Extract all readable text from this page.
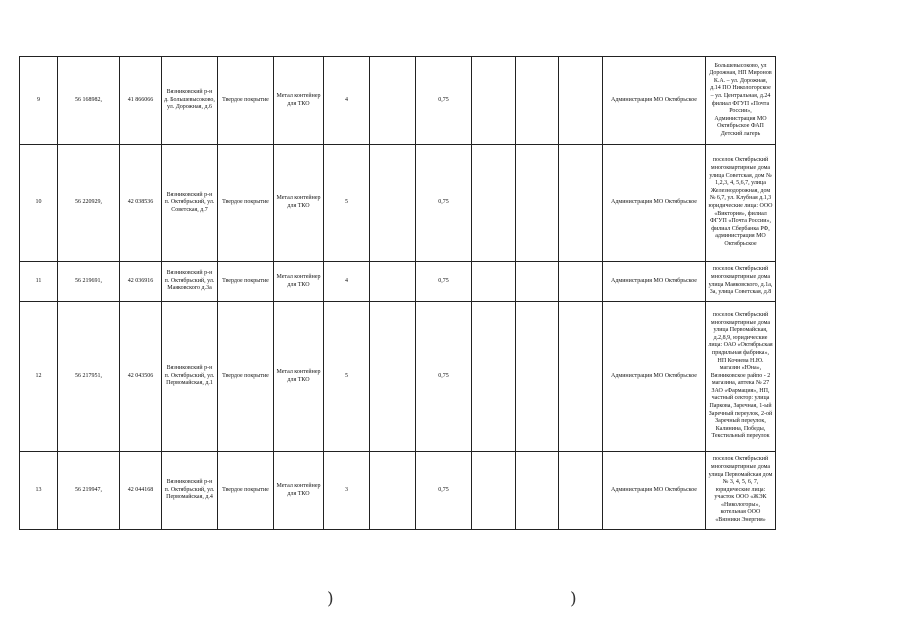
9	56 168982,	41 866066	Вязниковский р-н д. Большевысоково, ул. Дорожная, д.6	Твердое покрытие	Метал контейнер для ТКО	4		0,75				Администрация МО Октябрьское	Большевысоково, ул Дорожная, НП Миронов К.А. – ул. Дорожная, д.14 ПО Никологорское – ул. Центральная, д.24 филиал ФГУП «Почта России», Администрация МО Октябрьское ФАП Детский лагерь
10	56 220929,	42 038536	Вязниковский р-н п. Октябрьский, ул. Советская, д.7	Твердое покрытие	Метал контейнер для ТКО	5		0,75				Администрация МО Октябрьское	поселок Октябрьский многоквартирные дома улица Советская, дом № 1,2,3, 4, 5,6,7, улица Железнодорожная, дом № 6,7, ул. Клубная д.1,3 юридические лица: ООО «Виктория», филиал ФГУП «Почта России», филиал Сбербанка РФ, администрация МО Октябрьское
11	56 219691,	42 036916	Вязниковский р-н п. Октябрьский, ул. Маяковского д.3а	Твердое покрытие	Метал контейнер для ТКО	4		0,75				Администрация МО Октябрьское	поселок Октябрьский многоквартирные дома улица Маяковского, д.1а, 3а, улица Советская, д.8
12	56 217951,	42 043506	Вязниковский р-н п. Октябрьский, ул. Первомайская, д.1	Твердое покрытие	Метал контейнер для ТКО	5		0,75				Администрация МО Октябрьское	поселок Октябрьский многоквартирные дома улица Первомайская, д.2,8,9, юридические лица: ОАО «Октябрьская прядильная фабрика», НП Кочнева Н.Ю. магазин «Юна», Вязниковское райпо - 2 магазина, аптека № 27 ЗАО «Фармация», НП, частный сектор: улица Паркова, Заречная, 1-ый Заречный переулок, 2-ой Заречный переулок, Калинина, Победы, Текстильный переулок
13	56 219947,	42 044168	Вязниковский р-н п. Октябрьский, ул. Первомайская, д.4	Твердое покрытие	Метал контейнер для ТКО	3		0,75				Администрация МО Октябрьское	поселок Октябрьский многоквартирные дома улица Первомайская дом № 3, 4, 5, 6, 7, юридические лица: участок ООО «ЖЭК «Никологоры», котельная ООО «Вязники Энергия»
)	)
